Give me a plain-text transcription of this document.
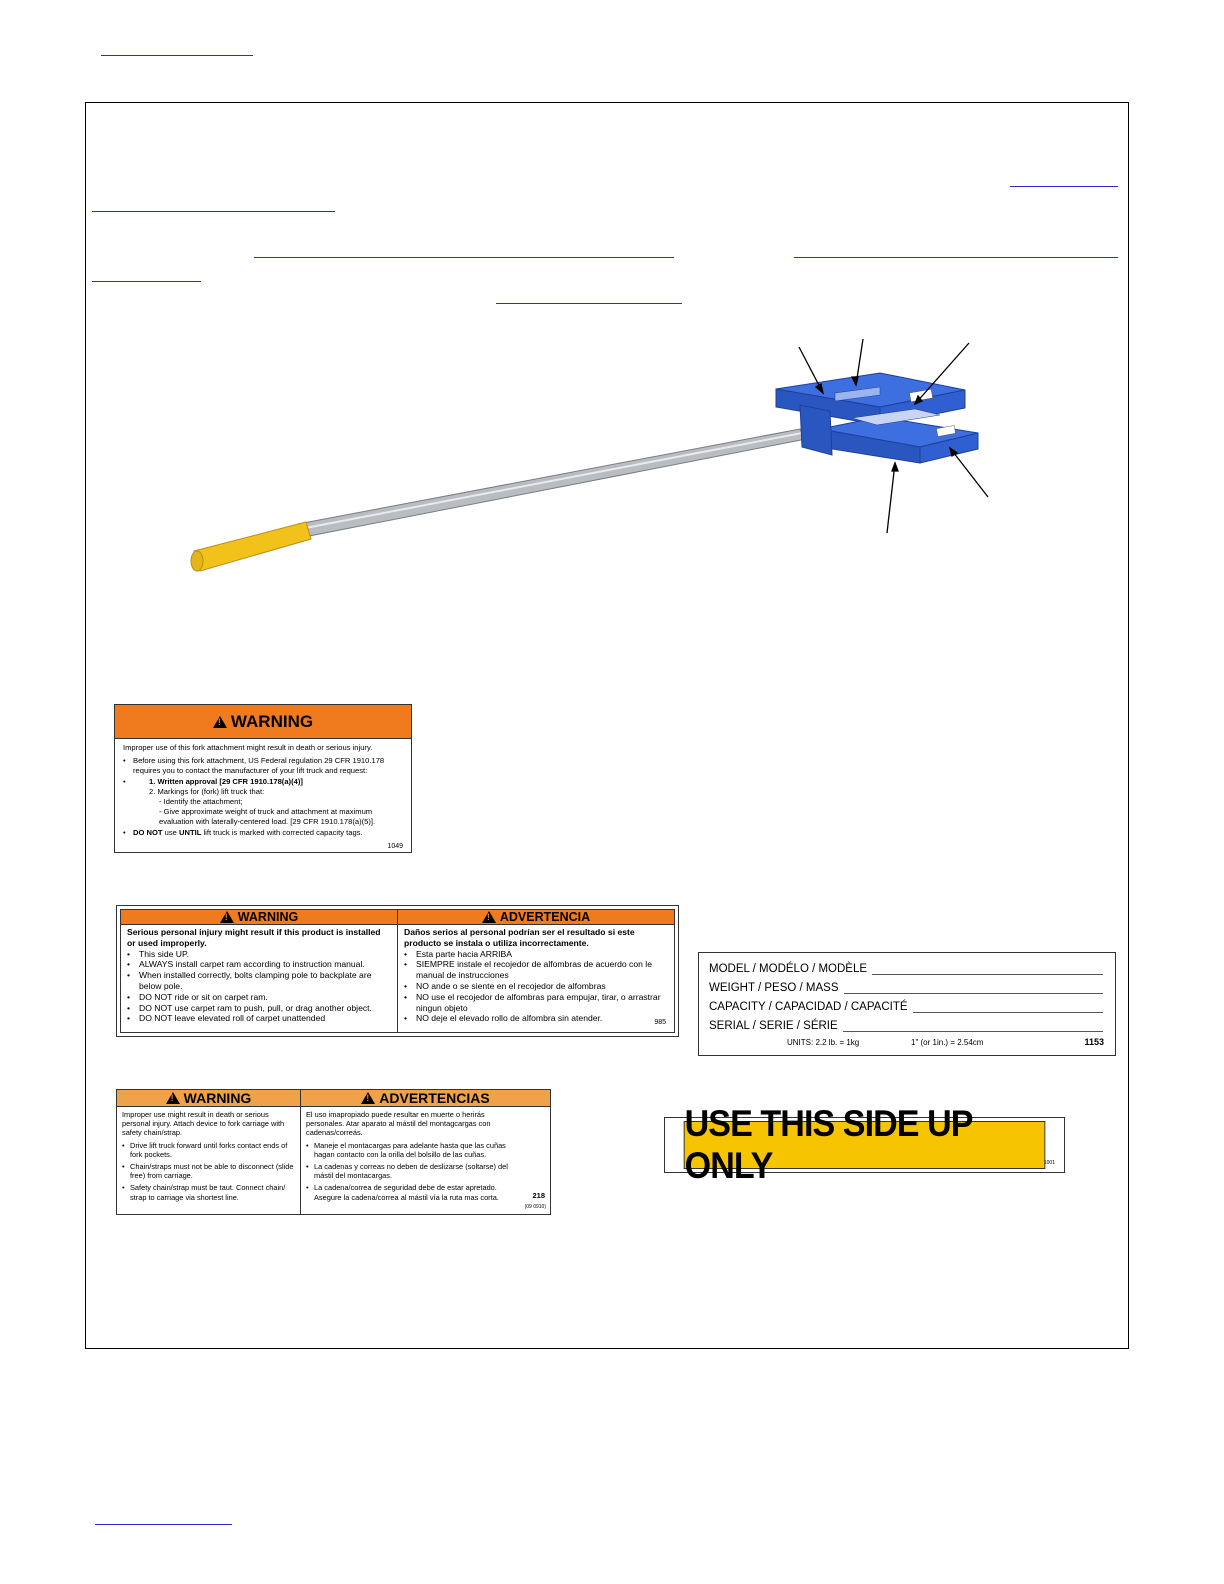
!
WARNING
Improper use of this fork attachment might result in death or serious injury.
• Before using this fork attachment, US Federal regulation 29 CFR 1910.178 requires you to contact the manufacturer of your lift truck and request:
• 1. Written approval [29 CFR 1910.178(a)(4)]
2. Markings for (fork) lift truck that:
- Identify the attachment;
- Give approximate weight of truck and attachment at maximum evaluation with laterally-centered load. [29 CFR 1910.178(a)(5)].
• DO NOT use UNTIL lift truck is marked with corrected capacity tags.
1049
!
WARNING
Serious personal injury might result if this product is installed or used improperly.
• This side UP.
• ALWAYS install carpet ram according to instruction manual.
• When installed correctly, bolts clamping pole to backplate are below pole.
• DO NOT ride or sit on carpet ram.
• DO NOT use carpet ram to push, pull, or drag another object.
• DO NOT leave elevated roll of carpet unattended
!
ADVERTENCIA
Daños serios al personal podrían ser el resultado si este producto se instala o utiliza incorrectamente.
• Esta parte hacia ARRIBA
• SIEMPRE instale el recojedor de alfombras de acuerdo con le manual de instrucciones
• NO ande o se siente en el recojedor de alfombras
• NO use el recojedor de alfombras para empujar, tirar, o arrastrar ningun objeto
• NO deje el elevado rollo de alfombra sin atender.	985
MODEL / MODÉLO / MODÈLE
WEIGHT / PESO / MASS
CAPACITY / CAPACIDAD / CAPACITÉ
SERIAL / SERIE / SÉRIE
UNITS: 2.2 lb. = 1kg	1" (or 1in.) = 2.54cm	1153
!
WARNING
Improper use might result in death or serious personal injury. Attach device to fork carriage with safety chain/strap.
• Drive lift truck forward until forks contact ends of fork pockets.
• Chain/straps must not be able to disconnect (slide free) from carriage.
• Safety chain/strap must be taut. Connect chain/ strap to carriage via shortest line.
!
ADVERTENCIAS
El uso imapropiado puede resultar en muerte o herirás personales. Atar aparato al mástil del montagcargas con cadenas/correás.
• Maneje el montacargas para adelante hasta que las cuñas hagan contacto con la orilla del bolsillo de las cuñas.
• La cadenas y correas no deben de deslizarse (soltarse) del mástil del montacargas.
• La cadena/correa de seguridad debe de estar apretado. Asegure la cadena/correa al mástil vía la ruta mas corta.	218
(09 0910)
USE THIS SIDE UP ONLY	1001
